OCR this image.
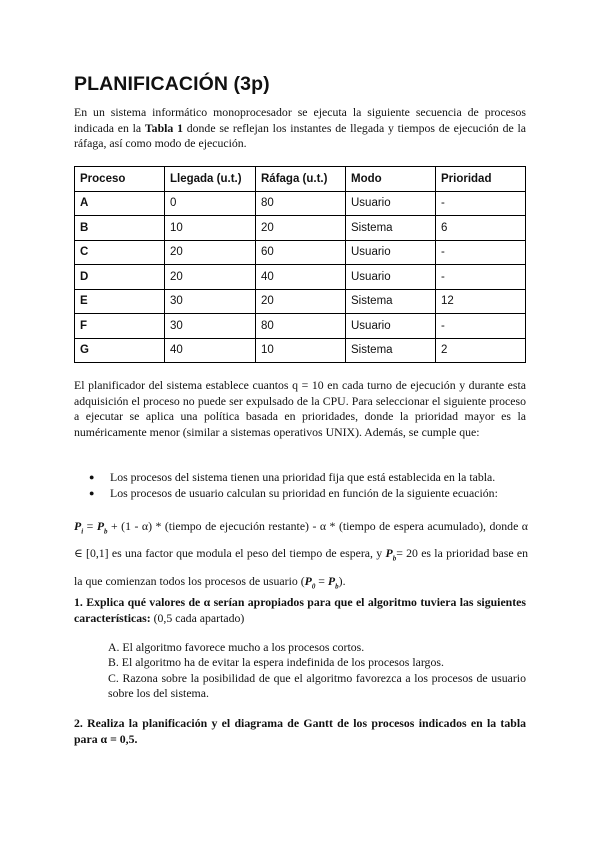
PLANIFICACIÓN (3p)

En un sistema informático monoprocesador se ejecuta la siguiente secuencia de procesos indicada en la Tabla 1 donde se reflejan los instantes de llegada y tiempos de ejecución de la ráfaga, así como modo de ejecución.

Proceso	Llegada (u.t.)	Ráfaga (u.t.)	Modo	Prioridad
A	0	80	Usuario	-
B	10	20	Sistema	6
C	20	60	Usuario	-
D	20	40	Usuario	-
E	30	20	Sistema	12
F	30	80	Usuario	-
G	40	10	Sistema	2

El planificador del sistema establece cuantos q = 10 en cada turno de ejecución y durante esta adquisición el proceso no puede ser expulsado de la CPU. Para seleccionar el siguiente proceso a ejecutar se aplica una política basada en prioridades, donde la prioridad mayor es la numéricamente menor (similar a sistemas operativos UNIX). Además, se cumple que:

● Los procesos del sistema tienen una prioridad fija que está establecida en la tabla.
● Los procesos de usuario calculan su prioridad en función de la siguiente ecuación:

$P_i = P_b + (1 - \alpha)$ * (tiempo de ejecución restante) - α * (tiempo de espera acumulado), donde α ∈ [0,1] es una factor que modula el peso del tiempo de espera, y $P_b= 20$ es la prioridad base en la que comienzan todos los procesos de usuario $(P_0 = P_b)$.

1. Explica qué valores de α serían apropiados para que el algoritmo tuviera las siguientes características: (0,5 cada apartado)

A. El algoritmo favorece mucho a los procesos cortos.
B. El algoritmo ha de evitar la espera indefinida de los procesos largos.
C. Razona sobre la posibilidad de que el algoritmo favorezca a los procesos de usuario sobre los del sistema.

2. Realiza la planificación y el diagrama de Gantt de los procesos indicados en la tabla para α = 0,5.
